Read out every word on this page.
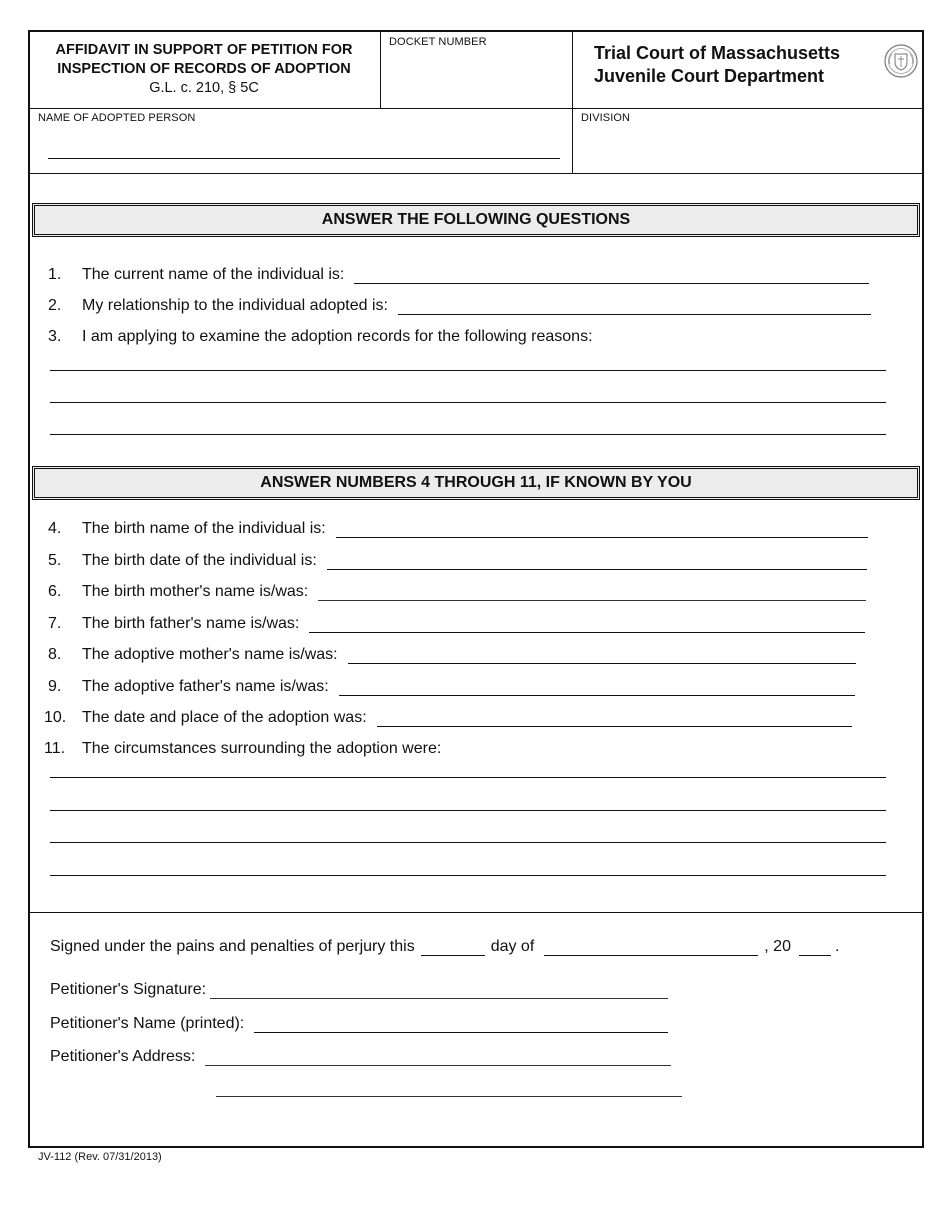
AFFIDAVIT IN SUPPORT OF PETITION FOR
INSPECTION OF RECORDS OF ADOPTION
G.L. c. 210, § 5C
DOCKET NUMBER
Trial Court of Massachusetts
Juvenile Court Department
NAME OF ADOPTED PERSON	DIVISION
ANSWER THE FOLLOWING QUESTIONS
1.	The current name of the individual is:
2.	My relationship to the individual adopted is:
3.	I am applying to examine the adoption records for the following reasons:
ANSWER NUMBERS 4 THROUGH 11, IF KNOWN BY YOU
4.	The birth name of the individual is:
5.	The birth date of the individual is:
6.	The birth mother's name is/was:
7.	The birth father's name is/was:
8.	The adoptive mother's name is/was:
9.	The adoptive father's name is/was:
10. The date and place of the adoption was:
11.	The circumstances surrounding the adoption were:
Signed under the pains and penalties of perjury this	day of	, 20	.
Petitioner's Signature:
Petitioner's Name (printed):
Petitioner's Address:
JV-112 (Rev. 07/31/2013)
